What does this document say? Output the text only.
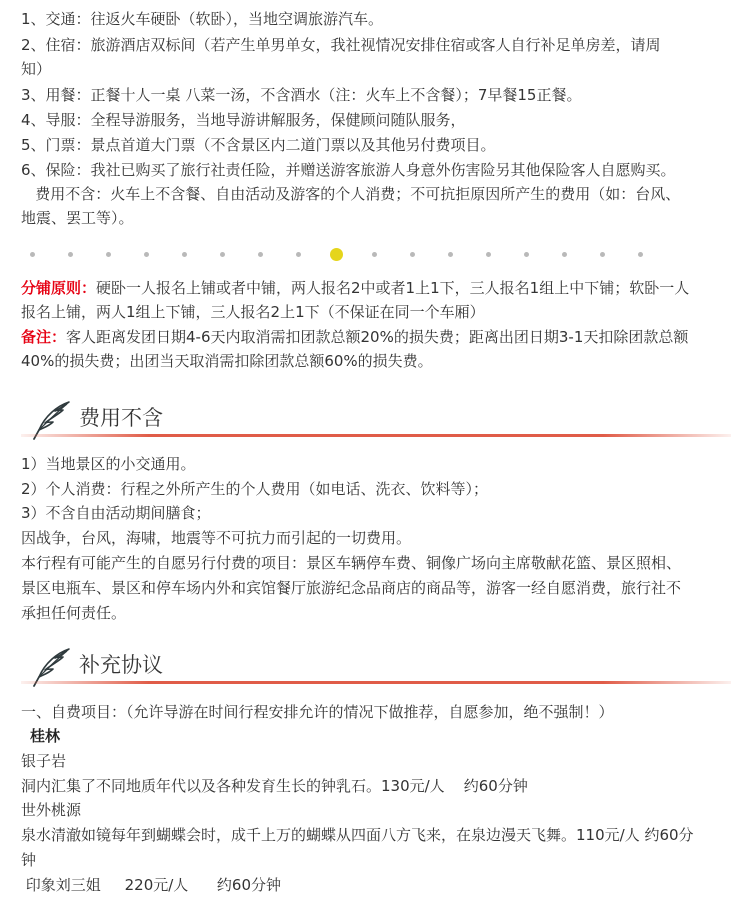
1、交通：往返火车硬卧（软卧），当地空调旅游汽车。
2、住宿：旅游酒店双标间（若产生单男单女，我社视情况安排住宿或客人自行补足单房差，请周
知）
3、用餐：正餐十人一桌 八菜一汤，不含酒水（注：火车上不含餐）；7早餐15正餐。
4、导服：全程导游服务，当地导游讲解服务，保健顾问随队服务，
5、门票：景点首道大门票（不含景区内二道门票以及其他另付费项目。
6、保险：我社已购买了旅行社责任险，并赠送游客旅游人身意外伤害险另其他保险客人自愿购买。
费用不含：火车上不含餐、自由活动及游客的个人消费；不可抗拒原因所产生的费用（如：台风、
地震、罢工等）。
分铺原则：硬卧一人报名上铺或者中铺，两人报名2中或者1上1下，三人报名1组上中下铺；软卧一人
报名上铺，两人1组上下铺，三人报名2上1下（不保证在同一个车厢）
备注：客人距离发团日期4-6天内取消需扣团款总额20%的损失费；距离出团日期3-1天扣除团款总额
40%的损失费；出团当天取消需扣除团款总额60%的损失费。
费用不含
1）当地景区的小交通用。
2）个人消费：行程之外所产生的个人费用（如电话、洗衣、饮料等）；
3）不含自由活动期间膳食；
因战争，台风，海啸，地震等不可抗力而引起的一切费用。
本行程有可能产生的自愿另行付费的项目：景区车辆停车费、铜像广场向主席敬献花篮、景区照相、
景区电瓶车、景区和停车场内外和宾馆餐厅旅游纪念品商店的商品等，游客一经自愿消费，旅行社不
承担任何责任。
补充协议
一、自费项目：（允许导游在时间行程安排允许的情况下做推荐，自愿参加，绝不强制！）
桂林
银子岩
洞内汇集了不同地质年代以及各种发育生长的钟乳石。130元/人    约60分钟
世外桃源
泉水清澈如镜每年到蝴蝶会时，成千上万的蝴蝶从四面八方飞来，在泉边漫天飞舞。110元/人 约60分
钟
印象刘三姐     220元/人      约60分钟
